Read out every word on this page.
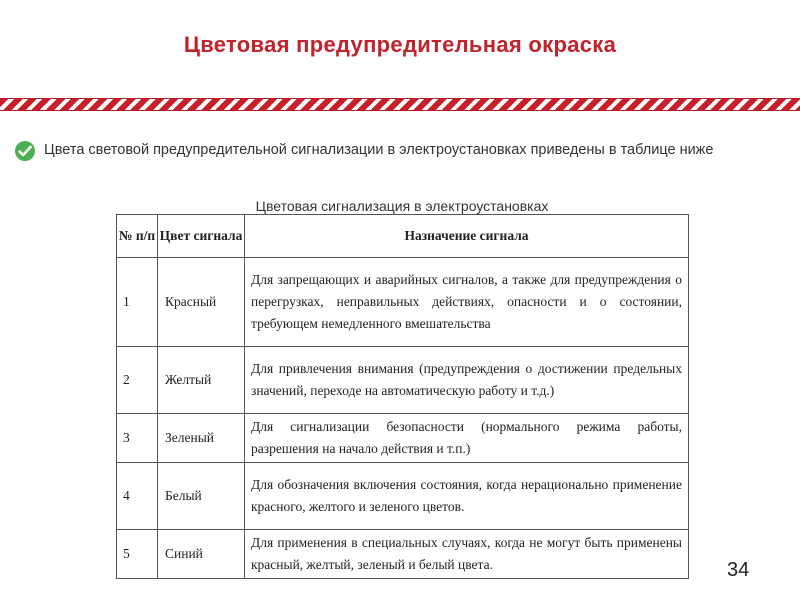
Цветовая предупредительная окраска
Цвета световой предупредительной сигнализации в электроустановках приведены в таблице ниже
Цветовая сигнализация в электроустановках
№ п/п	Цвет сигнала	Назначение сигнала
1	Красный	Для запрещающих и аварийных сигналов, а также для предупреждения о перегрузках, неправильных действиях, опасности и о состоянии, требующем немедленного вмешательства
2	Желтый	Для привлечения внимания (предупреждения о достижении предельных значений, переходе на автоматическую работу и т.д.)
3	Зеленый	Для сигнализации безопасности (нормального режима работы, разрешения на начало действия и т.п.)
4	Белый	Для обозначения включения состояния, когда нерационально применение красного, желтого и зеленого цветов.
5	Синий	Для применения в специальных случаях, когда не могут быть применены красный, желтый, зеленый и белый цвета.	34
